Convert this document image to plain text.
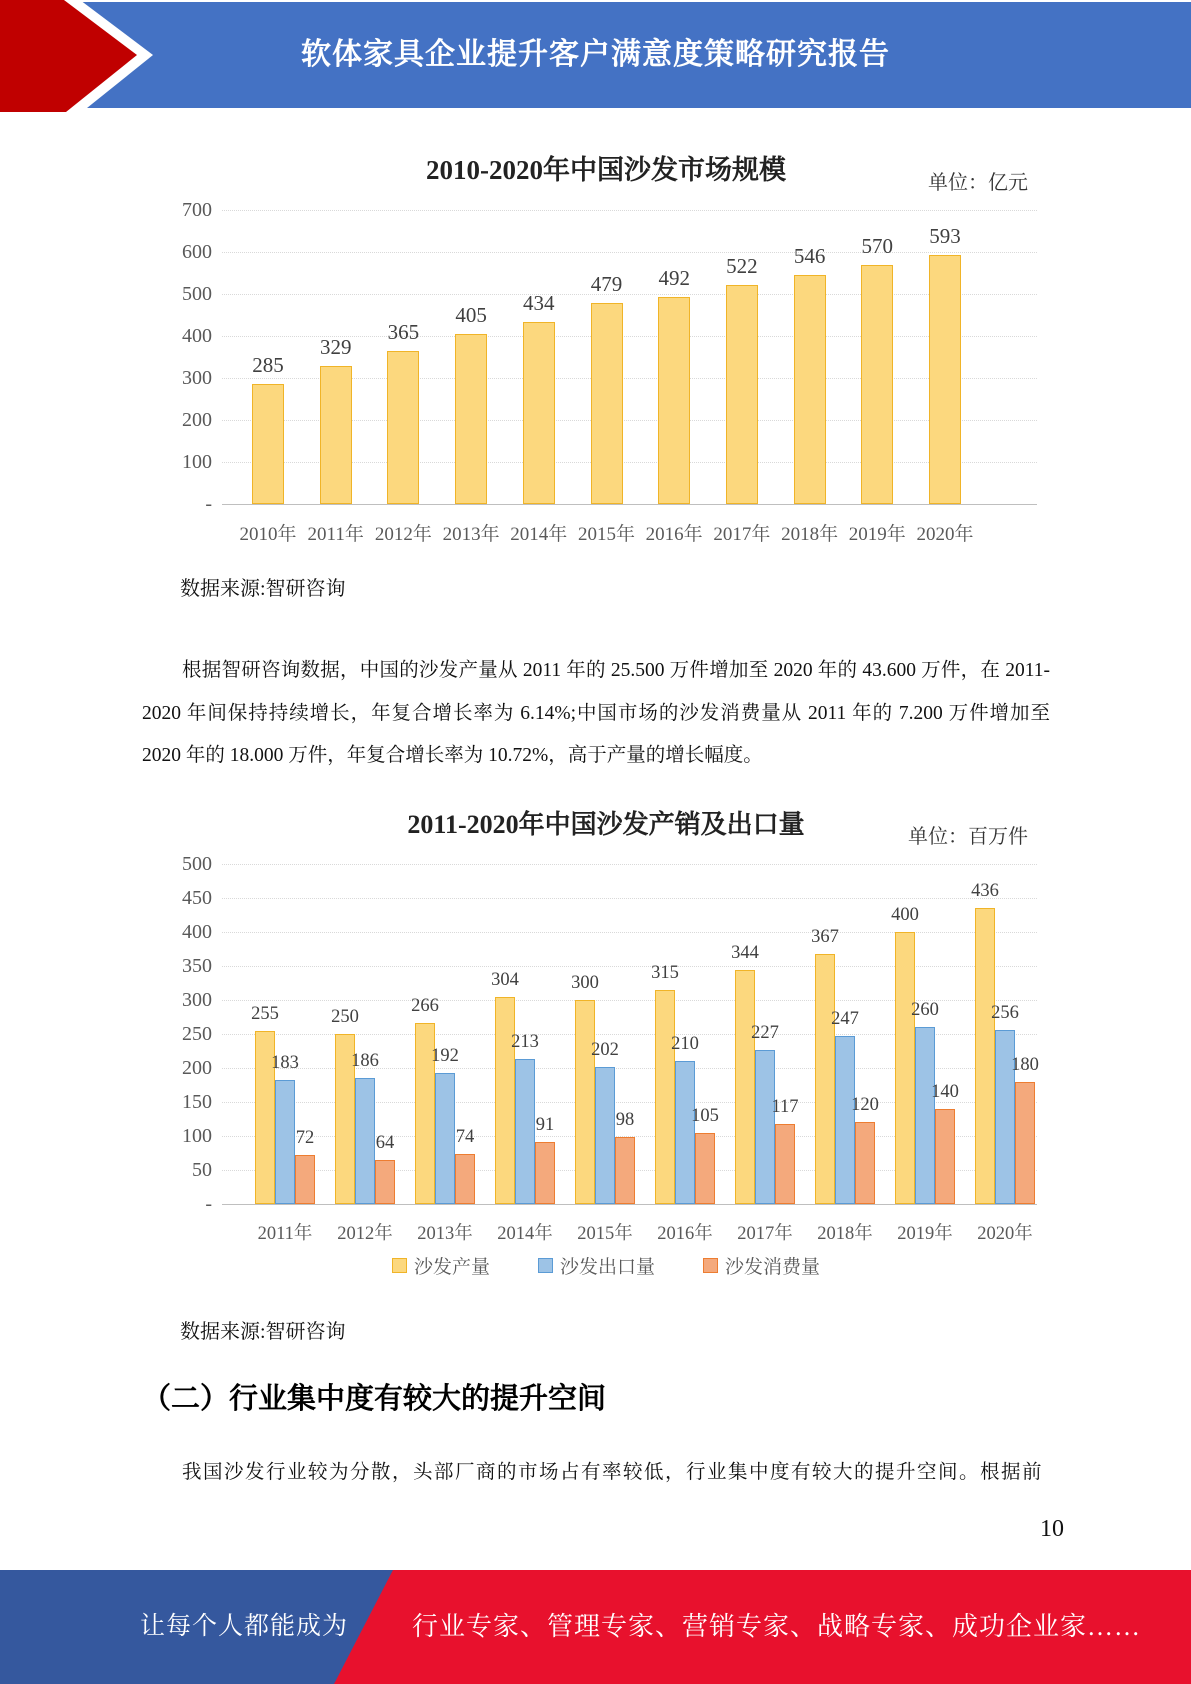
软体家具企业提升客户满意度策略研究报告
2010-2020年中国沙发市场规模	单位：亿元
700
600
500
400
300
200
100
-
285
2010年
329
2011年
365
2012年
405
2013年
434
2014年
479
2015年
492
2016年
522
2017年
546
2018年
570
2019年
593
2020年
数据来源:智研咨询
根据智研咨询数据，中国的沙发产量从 2011 年的 25.500 万件增加至 2020 年的 43.600 万件，在 2011-2020 年间保持持续增长，年复合增长率为 6.14%;中国市场的沙发消费量从 2011 年的 7.200 万件增加至 2020 年的 18.000 万件，年复合增长率为 10.72%，高于产量的增长幅度。
2011-2020年中国沙发产销及出口量	单位：百万件
500
450
400
350
300
250
200
150
100
50
-
255
183
72
2011年
250
186
64
2012年
266
192
74
2013年
304
213
91
2014年
300
202
98
2015年
315
210
105
2016年
344
227
117
2017年
367
247
120
2018年
400
260
140
2019年
436
256
180
2020年
沙发产量	沙发出口量	沙发消费量
数据来源:智研咨询
（二）行业集中度有较大的提升空间
我国沙发行业较为分散，头部厂商的市场占有率较低，行业集中度有较大的提升空间。根据前
10
让每个人都能成为 行业专家、管理专家、营销专家、战略专家、成功企业家……
